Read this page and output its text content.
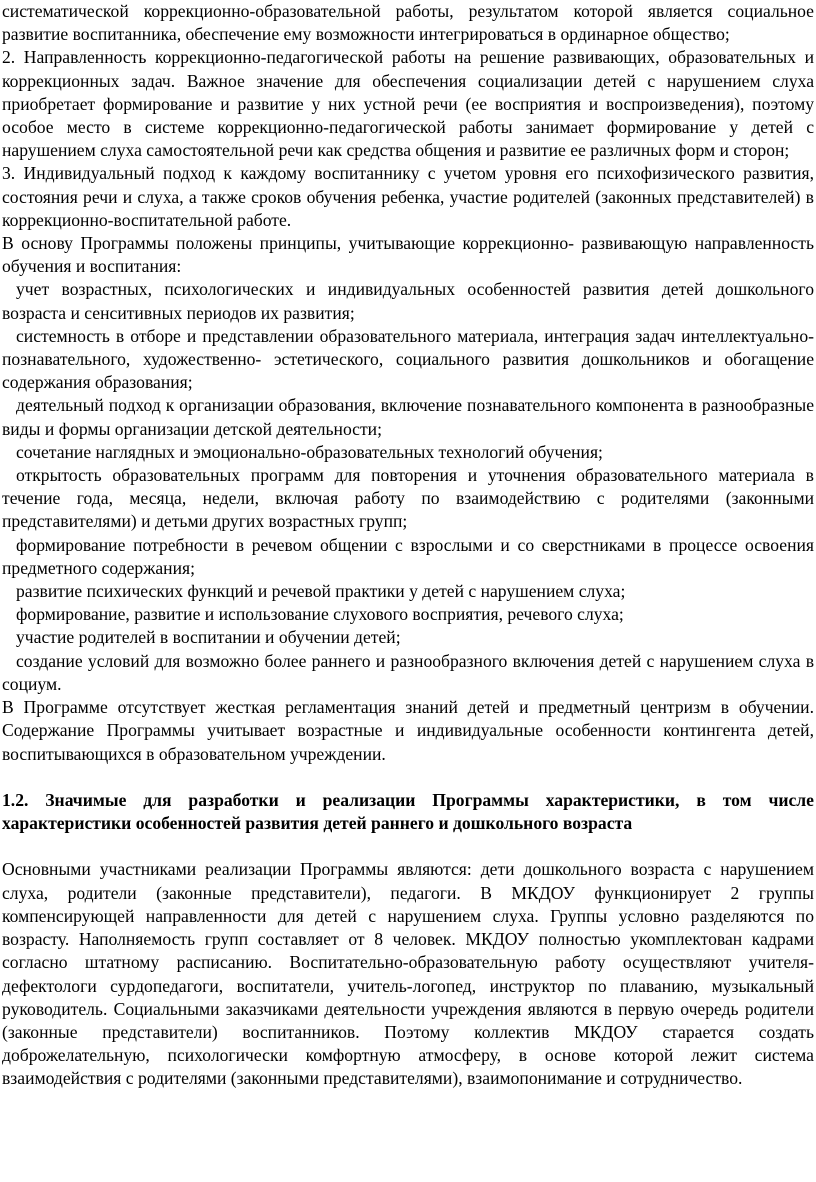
систематической коррекционно-образовательной работы, результатом которой является социальное развитие воспитанника, обеспечение ему возможности интегрироваться в ординарное общество;

2. Направленность коррекционно-педагогической работы на решение развивающих, образовательных и коррекционных задач. Важное значение для обеспечения социализации детей с нарушением слуха приобретает формирование и развитие у них устной речи (ее восприятия и воспроизведения), поэтому особое место в системе коррекционно-педагогической работы занимает формирование у детей с нарушением слуха самостоятельной речи как средства общения и развитие ее различных форм и сторон;

3. Индивидуальный подход к каждому воспитаннику с учетом уровня его психофизического развития, состояния речи и слуха, а также сроков обучения ребенка, участие родителей (законных представителей) в коррекционно-воспитательной работе.

В основу Программы положены принципы, учитывающие коррекционно- развивающую направленность обучения и воспитания:

учет возрастных, психологических и индивидуальных особенностей развития детей дошкольного возраста и сенситивных периодов их развития;

системность в отборе и представлении образовательного материала, интеграция задач интеллектуально-познавательного, художественно- эстетического, социального развития дошкольников и обогащение содержания образования;

деятельный подход к организации образования, включение познавательного компонента в разнообразные виды и формы организации детской деятельности;

сочетание наглядных и эмоционально-образовательных технологий обучения;

открытость образовательных программ для повторения и уточнения образовательного материала в течение года, месяца, недели, включая работу по взаимодействию с родителями (законными представителями) и детьми других возрастных групп;

формирование потребности в речевом общении с взрослыми и со сверстниками в процессе освоения предметного содержания;

развитие психических функций и речевой практики у детей с нарушением слуха;

формирование, развитие и использование слухового восприятия, речевого слуха;

участие родителей в воспитании и обучении детей;

создание условий для возможно более раннего и разнообразного включения детей с нарушением слуха в социум.

В Программе отсутствует жесткая регламентация знаний детей и предметный центризм в обучении. Содержание Программы учитывает возрастные и индивидуальные особенности контингента детей, воспитывающихся в образовательном учреждении.

1.2. Значимые для разработки и реализации Программы характеристики, в том числе характеристики особенностей развития детей раннего и дошкольного возраста

Основными участниками реализации Программы являются: дети дошкольного возраста с нарушением слуха, родители (законные представители), педагоги. В МКДОУ функционирует 2 группы компенсирующей направленности для детей с нарушением слуха. Группы условно разделяются по возрасту. Наполняемость групп составляет от 8 человек. МКДОУ полностью укомплектован кадрами согласно штатному расписанию. Воспитательно-образовательную работу осуществляют учителя-дефектологи сурдопедагоги, воспитатели, учитель-логопед, инструктор по плаванию, музыкальный руководитель. Социальными заказчиками деятельности учреждения являются в первую очередь родители (законные представители) воспитанников. Поэтому коллектив МКДОУ старается создать доброжелательную, психологически комфортную атмосферу, в основе которой лежит система взаимодействия с родителями (законными представителями), взаимопонимание и сотрудничество.
